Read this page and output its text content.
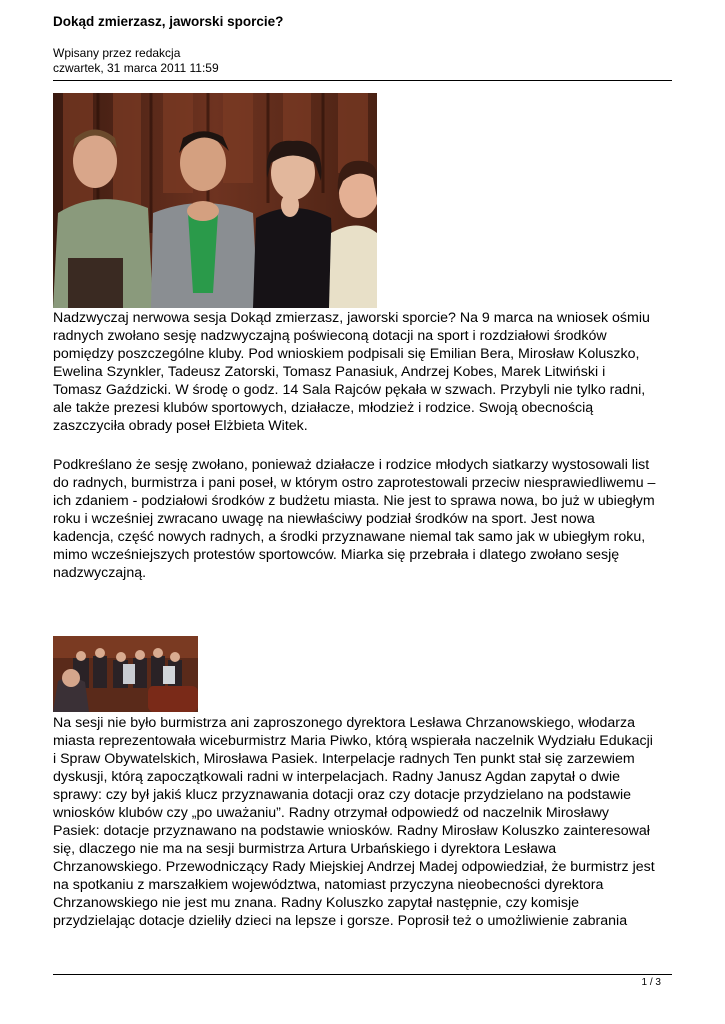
Dokąd zmierzasz, jaworski sporcie?
Wpisany przez redakcja
czwartek, 31 marca 2011 11:59

Nadzwyczaj nerwowa sesja Dokąd zmierzasz, jaworski sporcie? Na 9 marca na wniosek ośmiu
radnych zwołano sesję nadzwyczajną poświeconą dotacji na sport i rozdziałowi środków
pomiędzy poszczególne kluby. Pod wnioskiem podpisali się Emilian Bera, Mirosław Koluszko,
Ewelina Szynkler, Tadeusz Zatorski, Tomasz Panasiuk, Andrzej Kobes, Marek Litwiński i
Tomasz Gaździcki. W środę o godz. 14 Sala Rajców pękała w szwach. Przybyli nie tylko radni,
ale także prezesi klubów sportowych, działacze, młodzież i rodzice. Swoją obecnością
zaszczyciła obrady poseł Elżbieta Witek.

Podkreślano że sesję zwołano, ponieważ działacze i rodzice młodych siatkarzy wystosowali list
do radnych, burmistrza i pani poseł, w którym ostro zaprotestowali przeciw niesprawiedliwemu –
ich zdaniem - podziałowi środków z budżetu miasta. Nie jest to sprawa nowa, bo już w ubiegłym
roku i wcześniej zwracano uwagę na niewłaściwy podział środków na sport. Jest nowa
kadencja, część nowych radnych, a środki przyznawane niemal tak samo jak w ubiegłym roku,
mimo wcześniejszych protestów sportowców. Miarka się przebrała i dlatego zwołano sesję
nadzwyczajną.

Na sesji nie było burmistrza ani zaproszonego dyrektora Lesława Chrzanowskiego, włodarza
miasta reprezentowała wiceburmistrz Maria Piwko, którą wspierała naczelnik Wydziału Edukacji
i Spraw Obywatelskich, Mirosława Pasiek. Interpelacje radnych Ten punkt stał się zarzewiem
dyskusji, którą zapoczątkowali radni w interpelacjach. Radny Janusz Agdan zapytał o dwie
sprawy: czy był jakiś klucz przyznawania dotacji oraz czy dotacje przydzielano na podstawie
wniosków klubów czy „po uważaniu”. Radny otrzymał odpowiedź od naczelnik Mirosławy
Pasiek: dotacje przyznawano na podstawie wniosków. Radny Mirosław Koluszko zainteresował
się, dlaczego nie ma na sesji burmistrza Artura Urbańskiego i dyrektora Lesława
Chrzanowskiego. Przewodniczący Rady Miejskiej Andrzej Madej odpowiedział, że burmistrz jest
na spotkaniu z marszałkiem województwa, natomiast przyczyna nieobecności dyrektora
Chrzanowskiego nie jest mu znana. Radny Koluszko zapytał następnie, czy komisje
przydzielając dotacje dzieliły dzieci na lepsze i gorsze. Poprosił też o umożliwienie zabrania

1 / 3
